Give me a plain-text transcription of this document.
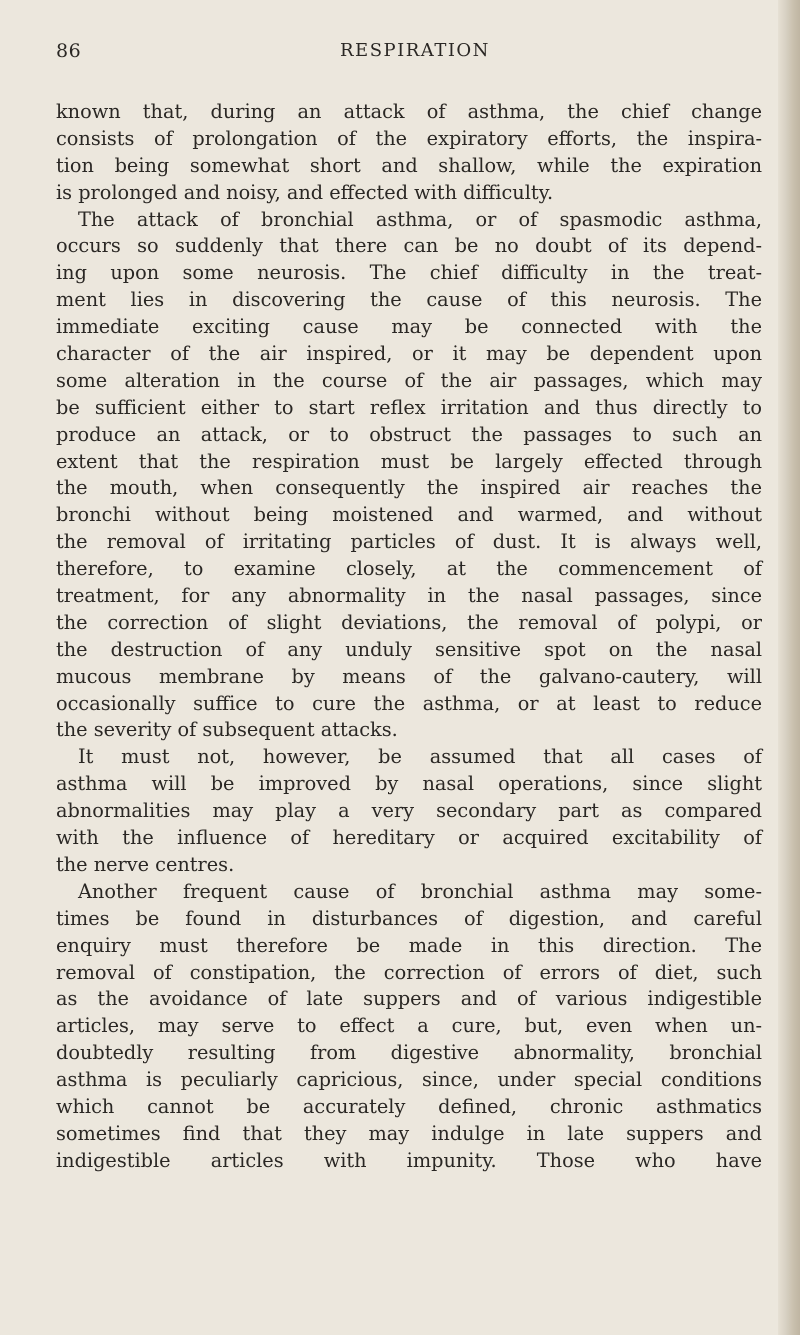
86	RESPIRATION
known that, during an attack of asthma, the chief change
consists of prolongation of the expiratory efforts, the inspira-
tion being somewhat short and shallow, while the expiration
is prolonged and noisy, and effected with difficulty.
The attack of bronchial asthma, or of spasmodic asthma,
occurs so suddenly that there can be no doubt of its depend-
ing upon some neurosis. The chief difficulty in the treat-
ment lies in discovering the cause of this neurosis. The
immediate exciting cause may be connected with the
character of the air inspired, or it may be dependent upon
some alteration in the course of the air passages, which may
be sufficient either to start reflex irritation and thus directly to
produce an attack, or to obstruct the passages to such an
extent that the respiration must be largely effected through
the mouth, when consequently the inspired air reaches the
bronchi without being moistened and warmed, and without
the removal of irritating particles of dust. It is always well,
therefore, to examine closely, at the commencement of
treatment, for any abnormality in the nasal passages, since
the correction of slight deviations, the removal of polypi, or
the destruction of any unduly sensitive spot on the nasal
mucous membrane by means of the galvano-cautery, will
occasionally suffice to cure the asthma, or at least to reduce
the severity of subsequent attacks.
It must not, however, be assumed that all cases of
asthma will be improved by nasal operations, since slight
abnormalities may play a very secondary part as compared
with the influence of hereditary or acquired excitability of
the nerve centres.
Another frequent cause of bronchial asthma may some-
times be found in disturbances of digestion, and careful
enquiry must therefore be made in this direction. The
removal of constipation, the correction of errors of diet, such
as the avoidance of late suppers and of various indigestible
articles, may serve to effect a cure, but, even when un-
doubtedly resulting from digestive abnormality, bronchial
asthma is peculiarly capricious, since, under special conditions
which cannot be accurately defined, chronic asthmatics
sometimes find that they may indulge in late suppers and
indigestible articles with impunity. Those who have
